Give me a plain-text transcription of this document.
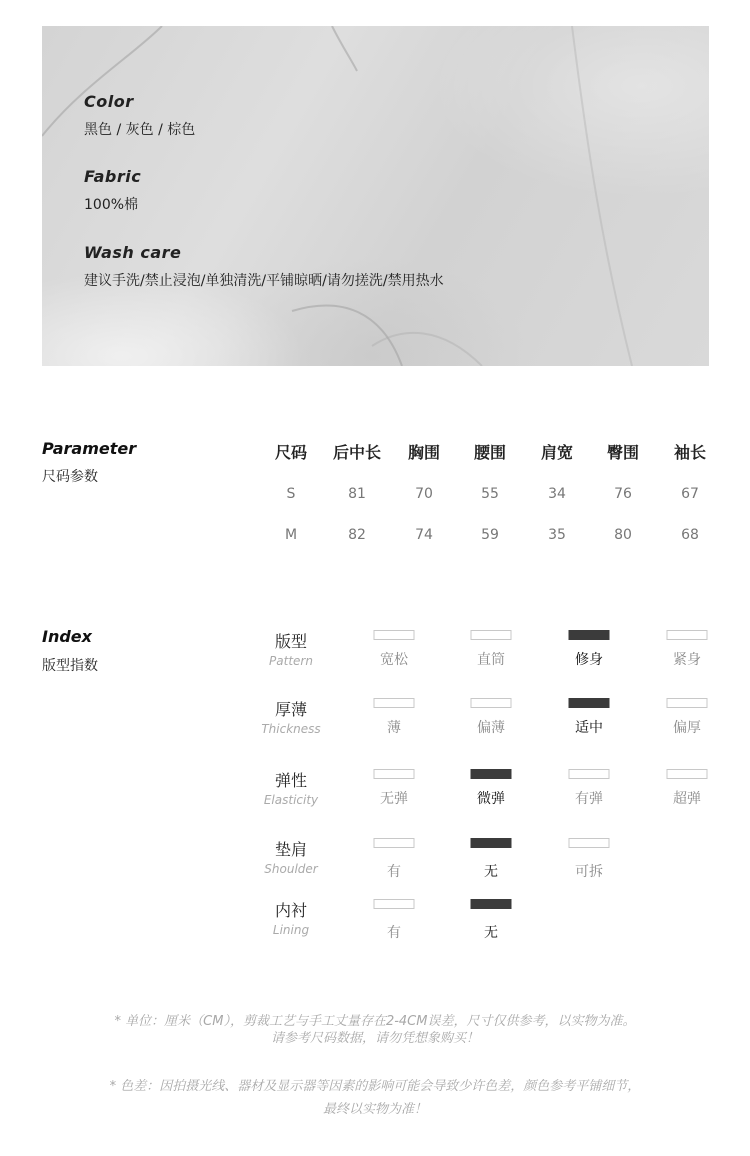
Color
黑色 / 灰色 / 棕色
Fabric
100%棉
Wash care
建议手洗/禁止浸泡/单独清洗/平铺晾晒/请勿搓洗/禁用热水
Parameter
尺码参数
尺码	后中长	胸围	腰围	肩宽	臀围	袖长
S	81	70	55	34	76	67
M	82	74	59	35	80	68
Index
版型指数
版型
Pattern	宽松	直筒	修身	紧身
厚薄
Thickness	薄	偏薄	适中	偏厚
弹性
Elasticity	无弹	微弹	有弹	超弹
垫肩
Shoulder	有	无	可拆
内衬
Lining	有	无
* 单位：厘米（CM），剪裁工艺与手工丈量存在2-4CM误差，尺寸仅供参考，以实物为准。
请参考尺码数据，请勿凭想象购买！
* 色差：因拍摄光线、器材及显示器等因素的影响可能会导致少许色差，颜色参考平铺细节，
最终以实物为准！
